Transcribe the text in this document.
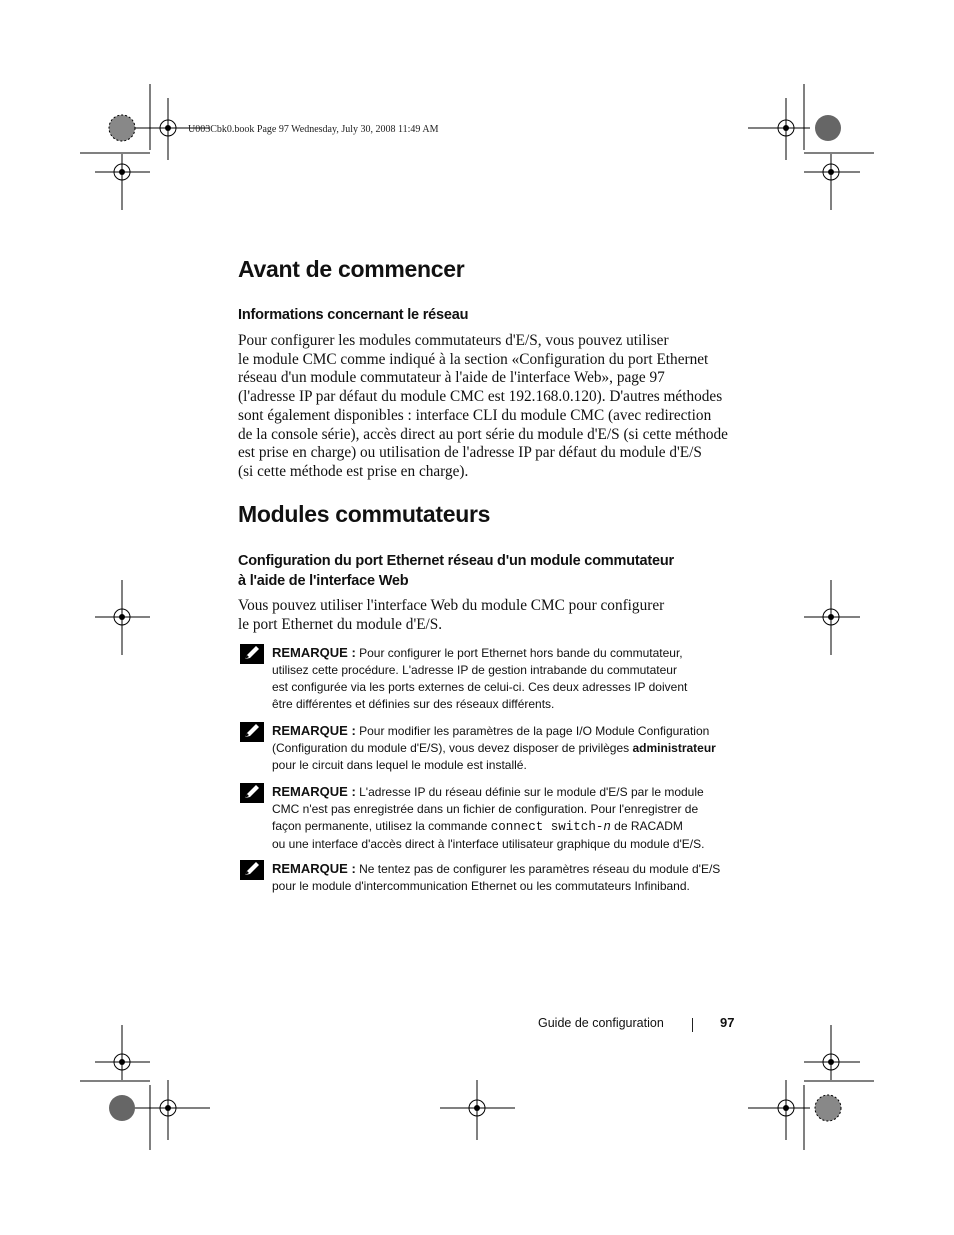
U003Cbk0.book Page 97 Wednesday, July 30, 2008 11:49 AM
Avant de commencer
Informations concernant le réseau
Pour configurer les modules commutateurs d'E/S, vous pouvez utiliser
le module CMC comme indiqué à la section «Configuration du port Ethernet
réseau d'un module commutateur à l'aide de l'interface Web», page 97
(l'adresse IP par défaut du module CMC est 192.168.0.120). D'autres méthodes
sont également disponibles : interface CLI du module CMC (avec redirection
de la console série), accès direct au port série du module d'E/S (si cette méthode
est prise en charge) ou utilisation de l'adresse IP par défaut du module d'E/S
(si cette méthode est prise en charge).
Modules commutateurs
Configuration du port Ethernet réseau d'un module commutateur
à l'aide de l'interface Web
Vous pouvez utiliser l'interface Web du module CMC pour configurer
le port Ethernet du module d'E/S.
REMARQUE : Pour configurer le port Ethernet hors bande du commutateur,
utilisez cette procédure. L'adresse IP de gestion intrabande du commutateur
est configurée via les ports externes de celui-ci. Ces deux adresses IP doivent
être différentes et définies sur des réseaux différents.
REMARQUE : Pour modifier les paramètres de la page I/O Module Configuration
(Configuration du module d'E/S), vous devez disposer de privilèges administrateur
pour le circuit dans lequel le module est installé.
REMARQUE : L'adresse IP du réseau définie sur le module d'E/S par le module
CMC n'est pas enregistrée dans un fichier de configuration. Pour l'enregistrer de
façon permanente, utilisez la commande connect switch-n de RACADM
ou une interface d'accès direct à l'interface utilisateur graphique du module d'E/S.
REMARQUE : Ne tentez pas de configurer les paramètres réseau du module d'E/S
pour le module d'intercommunication Ethernet ou les commutateurs Infiniband.
Guide de configuration	97
